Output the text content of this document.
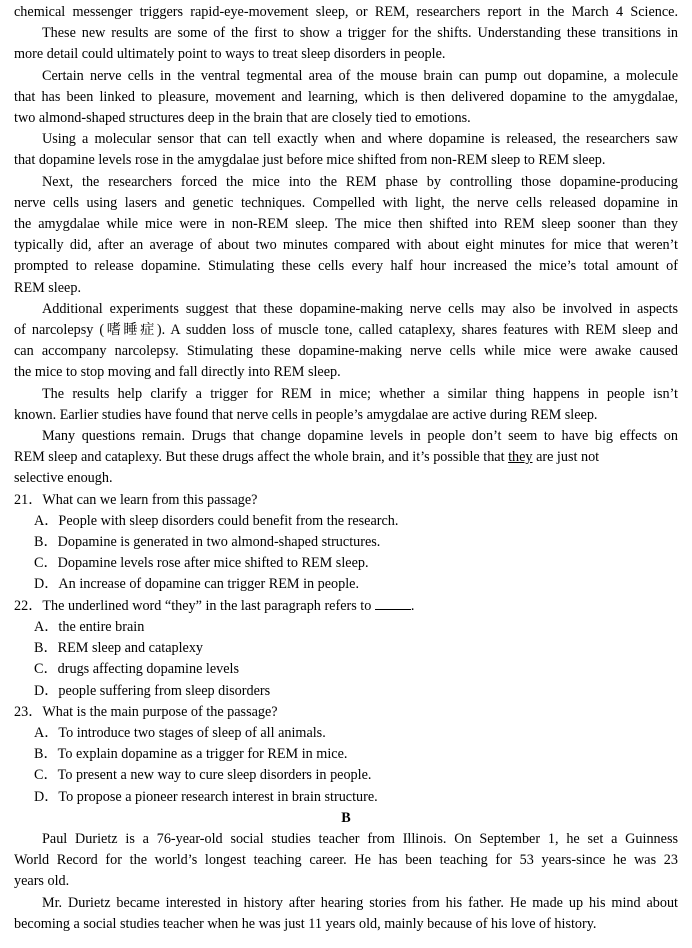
chemical messenger triggers rapid-eye-movement sleep, or REM, researchers report in the March 4 Science.
These new results are some of the first to show a trigger for the shifts. Understanding these transitions in
more detail could ultimately point to ways to treat sleep disorders in people.
Certain nerve cells in the ventral tegmental area of the mouse brain can pump out dopamine, a molecule
that has been linked to pleasure, movement and learning, which is then delivered dopamine to the amygdalae,
two almond-shaped structures deep in the brain that are closely tied to emotions.
Using a molecular sensor that can tell exactly when and where dopamine is released, the researchers saw
that dopamine levels rose in the amygdalae just before mice shifted from non-REM sleep to REM sleep.
Next, the researchers forced the mice into the REM phase by controlling those dopamine-producing
nerve cells using lasers and genetic techniques. Compelled with light, the nerve cells released dopamine in
the amygdalae while mice were in non-REM sleep. The mice then shifted into REM sleep sooner than they
typically did, after an average of about two minutes compared with about eight minutes for mice that weren’t
prompted to release dopamine. Stimulating these cells every half hour increased the mice’s total amount of
REM sleep.
Additional experiments suggest that these dopamine-making nerve cells may also be involved in aspects
of narcolepsy (嗜睡症). A sudden loss of muscle tone, called cataplexy, shares features with REM sleep and
can accompany narcolepsy. Stimulating these dopamine-making nerve cells while mice were awake caused
the mice to stop moving and fall directly into REM sleep.
The results help clarify a trigger for REM in mice; whether a similar thing happens in people isn’t
known. Earlier studies have found that nerve cells in people’s amygdalae are active during REM sleep.
Many questions remain. Drugs that change dopamine levels in people don’t seem to have big effects on
REM sleep and cataplexy. But these drugs affect the whole brain, and it’s possible that they are just not
selective enough.
21．What can we learn from this passage?
A．People with sleep disorders could benefit from the research.
B．Dopamine is generated in two almond-shaped structures.
C．Dopamine levels rose after mice shifted to REM sleep.
D．An increase of dopamine can trigger REM in people.
22．The underlined word “they” in the last paragraph refers to	.
A．the entire brain
B．REM sleep and cataplexy
C．drugs affecting dopamine levels
D．people suffering from sleep disorders
23．What is the main purpose of the passage?
A．To introduce two stages of sleep of all animals.
B．To explain dopamine as a trigger for REM in mice.
C．To present a new way to cure sleep disorders in people.
D．To propose a pioneer research interest in brain structure.
B
Paul Durietz is a 76-year-old social studies teacher from Illinois. On September 1, he set a Guinness
World Record for the world’s longest teaching career. He has been teaching for 53 years-since he was 23
years old.
Mr. Durietz became interested in history after hearing stories from his father. He made up his mind about
becoming a social studies teacher when he was just 11 years old, mainly because of his love of history.
